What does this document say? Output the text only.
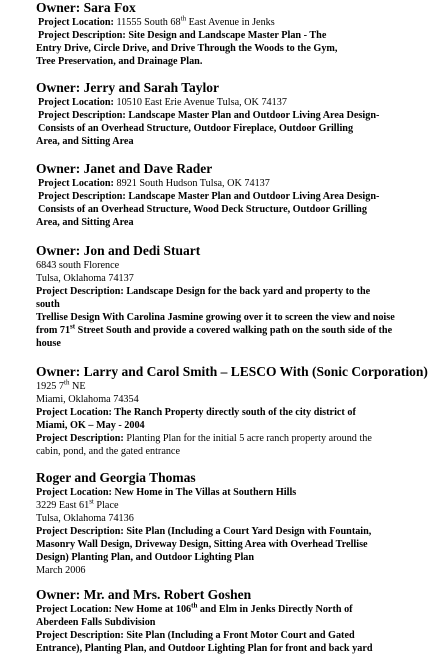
Owner: Sara Fox
Project Location: 11555 South 68th East Avenue in Jenks
Project Description: Site Design and Landscape Master Plan - The
Entry Drive, Circle Drive, and Drive Through the Woods to the Gym,
Tree Preservation, and Drainage Plan.
Owner: Jerry and Sarah Taylor
Project Location: 10510 East Erie Avenue Tulsa, OK 74137
Project Description: Landscape Master Plan and Outdoor Living Area Design-
Consists of an Overhead Structure, Outdoor Fireplace, Outdoor Grilling
Area, and Sitting Area
Owner: Janet and Dave Rader
Project Location: 8921 South Hudson Tulsa, OK 74137
Project Description: Landscape Master Plan and Outdoor Living Area Design-
Consists of an Overhead Structure, Wood Deck Structure, Outdoor Grilling
Area, and Sitting Area
Owner: Jon and Dedi Stuart
6843 south Florence
Tulsa, Oklahoma 74137
Project Description: Landscape Design for the back yard and property to the
south
Trellise Design With Carolina Jasmine growing over it to screen the view and noise
from 71st Street South and provide a covered walking path on the south side of the
house
Owner: Larry and Carol Smith – LESCO With (Sonic Corporation)
1925 7th NE
Miami, Oklahoma 74354
Project Location: The Ranch Property directly south of the city district of
Miami, OK – May - 2004
Project Description: Planting Plan for the initial 5 acre ranch property around the
cabin, pond, and the gated entrance
Roger and Georgia Thomas
Project Location: New Home in The Villas at Southern Hills
3229 East 61st Place
Tulsa, Oklahoma 74136
Project Description: Site Plan (Including a Court Yard Design with Fountain,
Masonry Wall Design, Driveway Design, Sitting Area with Overhead Trellise
Design) Planting Plan, and Outdoor Lighting Plan
March 2006
Owner: Mr. and Mrs. Robert Goshen
Project Location: New Home at 106th and Elm in Jenks Directly North of
Aberdeen Falls Subdivision
Project Description: Site Plan (Including a Front Motor Court and Gated
Entrance), Planting Plan, and Outdoor Lighting Plan for front and back yard
